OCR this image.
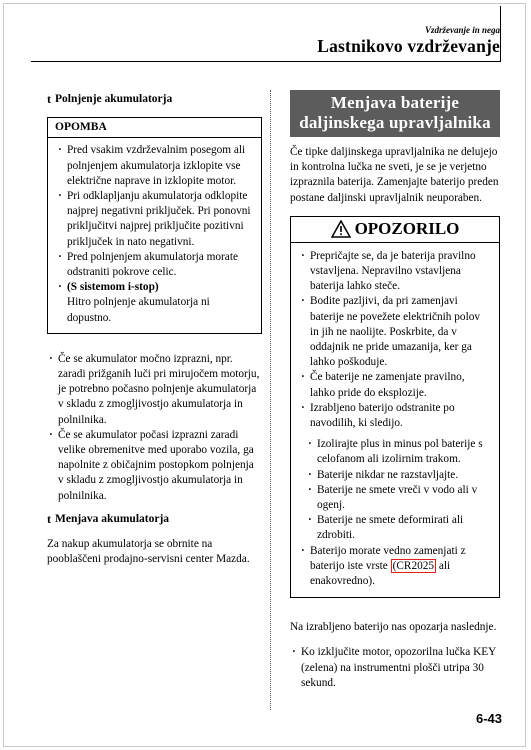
Vzdrževanje in nega
Lastnikovo vzdrževanje

t Polnjenje akumulatorja

OPOMBA
· Pred vsakim vzdrževalnim posegom ali polnjenjem akumulatorja izklopite vse električne naprave in izklopite motor.
· Pri odklapljanju akumulatorja odklopite najprej negativni priključek. Pri ponovni priključitvi najprej priključite pozitivni priključek in nato negativni.
· Pred polnjenjem akumulatorja morate odstraniti pokrove celic.
· (S sistemom i-stop)
Hitro polnjenje akumulatorja ni dopustno.
· Če se akumulator močno izprazni, npr. zaradi prižganih luči pri mirujočem motorju, je potrebno počasno polnjenje akumulatorja v skladu z zmogljivostjo akumulatorja in polnilnika.
· Če se akumulator počasi izprazni zaradi velike obremenitve med uporabo vozila, ga napolnite z običajnim postopkom polnjenja v skladu z zmogljivostjo akumulatorja in polnilnika.

t Menjava akumulatorja

Za nakup akumulatorja se obrnite na pooblaščeni prodajno-servisni center Mazda.

Menjava baterije
daljinskega upravljalnika

Če tipke daljinskega upravljalnika ne delujejo in kontrolna lučka ne sveti, je se je verjetno izpraznila baterija. Zamenjajte baterijo preden postane daljinski upravljalnik neuporaben.

OPOZORILO
· Prepričajte se, da je baterija pravilno vstavljena. Nepravilno vstavljena baterija lahko steče.
· Bodite pazljivi, da pri zamenjavi baterije ne povežete električnih polov in jih ne naolijte. Poskrbite, da v oddajnik ne pride umazanija, ker ga lahko poškoduje.
· Če baterije ne zamenjate pravilno, lahko pride do eksplozije.
· Izrabljeno baterijo odstranite po navodilih, ki sledijo.
· Izolirajte plus in minus pol baterije s celofanom ali izolirnim trakom.
· Baterije nikdar ne razstavljajte.
· Baterije ne smete vreči v vodo ali v ogenj.
· Baterije ne smete deformirati ali zdrobiti.
· Baterijo morate vedno zamenjati z baterijo iste vrste (CR2025 ali enakovredno).

Na izrabljeno baterijo nas opozarja naslednje.

· Ko izključite motor, opozorilna lučka KEY (zelena) na instrumentni plošči utripa 30 sekund.
6-43
